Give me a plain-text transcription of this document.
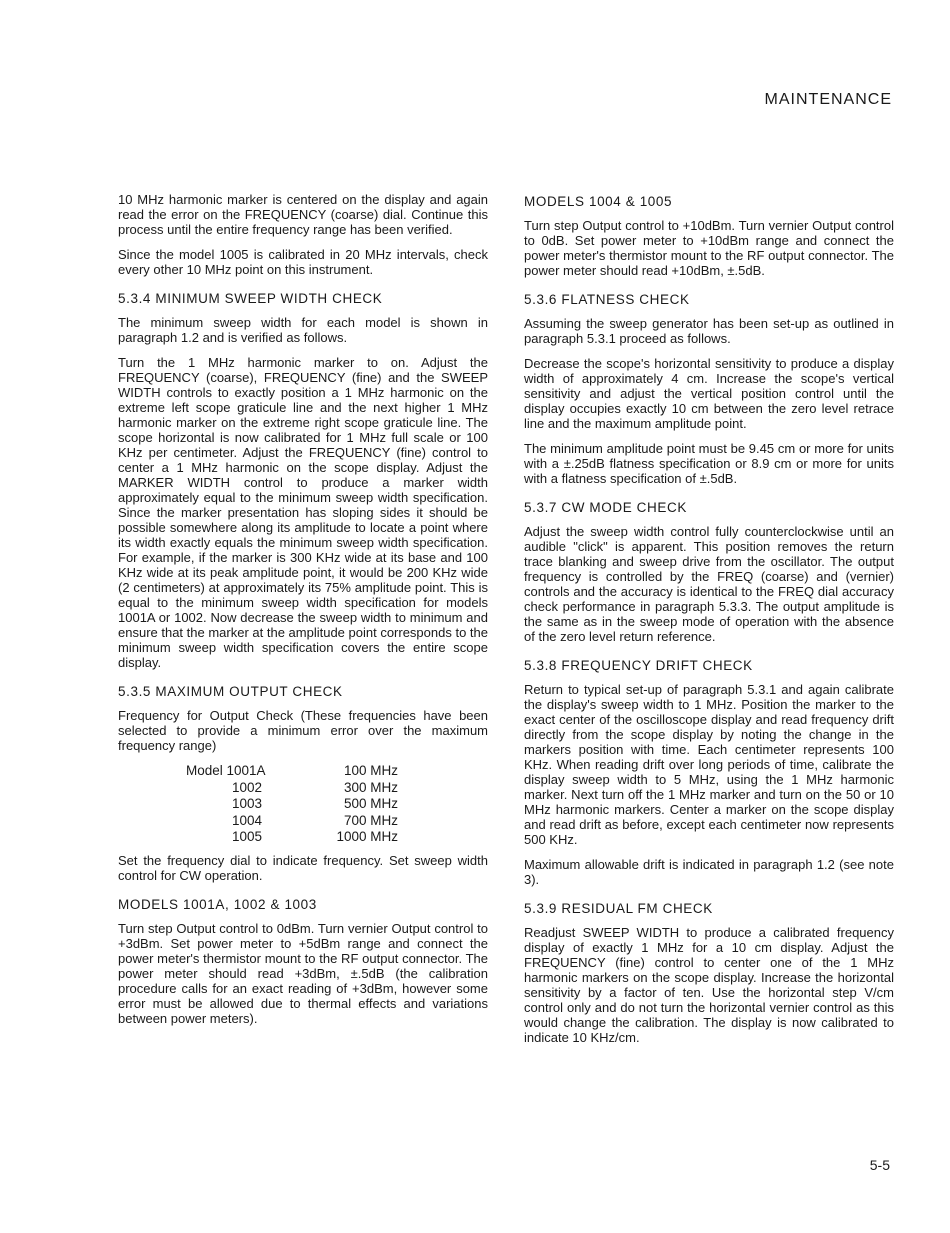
MAINTENANCE

10 MHz harmonic marker is centered on the display and again read the error on the FREQUENCY (coarse) dial. Continue this process until the entire frequency range has been verified.

Since the model 1005 is calibrated in 20 MHz intervals, check every other 10 MHz point on this instrument.

5.3.4 MINIMUM SWEEP WIDTH CHECK

The minimum sweep width for each model is shown in paragraph 1.2 and is verified as follows.

Turn the 1 MHz harmonic marker to on. Adjust the FREQUENCY (coarse), FREQUENCY (fine) and the SWEEP WIDTH controls to exactly position a 1 MHz harmonic on the extreme left scope graticule line and the next higher 1 MHz harmonic marker on the extreme right scope graticule line. The scope horizontal is now calibrated for 1 MHz full scale or 100 KHz per centimeter. Adjust the FREQUENCY (fine) control to center a 1 MHz harmonic on the scope display. Adjust the MARKER WIDTH control to produce a marker width approximately equal to the minimum sweep width specification. Since the marker presentation has sloping sides it should be possible somewhere along its amplitude to locate a point where its width exactly equals the minimum sweep width specification. For example, if the marker is 300 KHz wide at its base and 100 KHz wide at its peak amplitude point, it would be 200 KHz wide (2 centimeters) at approximately its 75% amplitude point. This is equal to the minimum sweep width specification for models 1001A or 1002. Now decrease the sweep width to minimum and ensure that the marker at the amplitude point corresponds to the minimum sweep width specification covers the entire scope display.

5.3.5 MAXIMUM OUTPUT CHECK

Frequency for Output Check (These frequencies have been selected to provide a minimum error over the maximum frequency range)

Model 1001A	100 MHz
1002	300 MHz
1003	500 MHz
1004	700 MHz
1005	1000 MHz

Set the frequency dial to indicate frequency. Set sweep width control for CW operation.

MODELS 1001A, 1002 & 1003

Turn step Output control to 0dBm. Turn vernier Output control to +3dBm. Set power meter to +5dBm range and connect the power meter's thermistor mount to the RF output connector. The power meter should read +3dBm, ±.5dB (the calibration procedure calls for an exact reading of +3dBm, however some error must be allowed due to thermal effects and variations between power meters).

MODELS 1004 & 1005

Turn step Output control to +10dBm. Turn vernier Output control to 0dB. Set power meter to +10dBm range and connect the power meter's thermistor mount to the RF output connector. The power meter should read +10dBm, ±.5dB.

5.3.6 FLATNESS CHECK

Assuming the sweep generator has been set-up as outlined in paragraph 5.3.1 proceed as follows.

Decrease the scope's horizontal sensitivity to produce a display width of approximately 4 cm. Increase the scope's vertical sensitivity and adjust the vertical position control until the display occupies exactly 10 cm between the zero level retrace line and the maximum amplitude point.

The minimum amplitude point must be 9.45 cm or more for units with a ±.25dB flatness specification or 8.9 cm or more for units with a flatness specification of ±.5dB.

5.3.7 CW MODE CHECK

Adjust the sweep width control fully counterclockwise until an audible "click" is apparent. This position removes the return trace blanking and sweep drive from the oscillator. The output frequency is controlled by the FREQ (coarse) and (vernier) controls and the accuracy is identical to the FREQ dial accuracy check performance in paragraph 5.3.3. The output amplitude is the same as in the sweep mode of operation with the absence of the zero level return reference.

5.3.8 FREQUENCY DRIFT CHECK

Return to typical set-up of paragraph 5.3.1 and again calibrate the display's sweep width to 1 MHz. Position the marker to the exact center of the oscilloscope display and read frequency drift directly from the scope display by noting the change in the markers position with time. Each centimeter represents 100 KHz. When reading drift over long periods of time, calibrate the display sweep width to 5 MHz, using the 1 MHz harmonic marker. Next turn off the 1 MHz marker and turn on the 50 or 10 MHz harmonic markers. Center a marker on the scope display and read drift as before, except each centimeter now represents 500 KHz.

Maximum allowable drift is indicated in paragraph 1.2 (see note 3).

5.3.9 RESIDUAL FM CHECK

Readjust SWEEP WIDTH to produce a calibrated frequency display of exactly 1 MHz for a 10 cm display. Adjust the FREQUENCY (fine) control to center one of the 1 MHz harmonic markers on the scope display. Increase the horizontal sensitivity by a factor of ten. Use the horizontal step V/cm control only and do not turn the horizontal vernier control as this would change the calibration. The display is now calibrated to indicate 10 KHz/cm.

5-5
